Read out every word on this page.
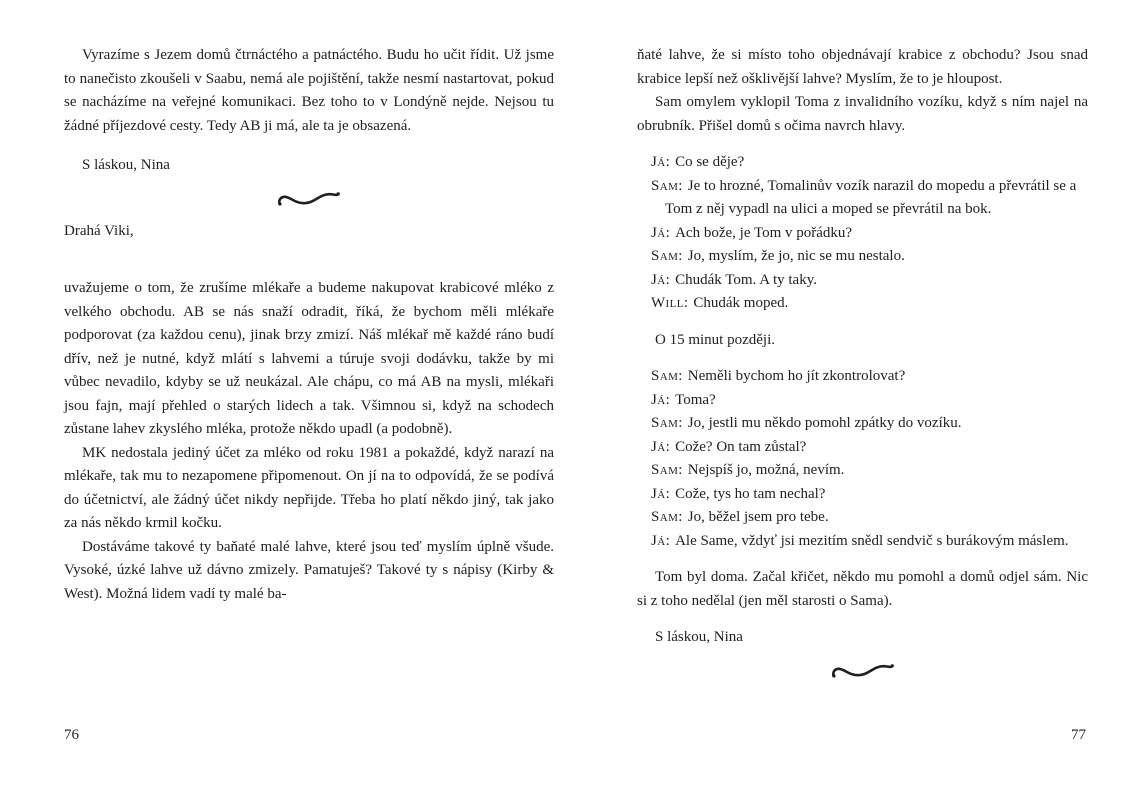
Vyrazíme s Jezem domů čtrnáctého a patnáctého. Budu ho učit řídit. Už jsme to nanečisto zkoušeli v Saabu, nemá ale pojištění, takže nesmí nastartovat, pokud se nacházíme na veřejné komunikaci. Bez toho to v Londýně nejde. Nejsou tu žádné příjezdové cesty. Tedy AB ji má, ale ta je obsazená.

S láskou, Nina

Drahá Viki,

uvažujeme o tom, že zrušíme mlékaře a budeme nakupovat krabicové mléko z velkého obchodu. AB se nás snaží odradit, říká, že bychom měli mlékaře podporovat (za každou cenu), jinak brzy zmizí. Náš mlékař mě každé ráno budí dřív, než je nutné, když mlátí s lahvemi a túruje svoji dodávku, takže by mi vůbec nevadilo, kdyby se už neukázal. Ale chápu, co má AB na mysli, mlékaři jsou fajn, mají přehled o starých lidech a tak. Všimnou si, když na schodech zůstane lahev zkyslého mléka, protože někdo upadl (a podobně).

MK nedostala jediný účet za mléko od roku 1981 a pokaždé, když narazí na mlékaře, tak mu to nezapomene připomenout. On jí na to odpovídá, že se podívá do účetnictví, ale žádný účet nikdy nepřijde. Třeba ho platí někdo jiný, tak jako za nás někdo krmil kočku.

Dostáváme takové ty baňaté malé lahve, které jsou teď myslím úplně všude. Vysoké, úzké lahve už dávno zmizely. Pamatuješ? Takové ty s nápisy (Kirby & West). Možná lidem vadí ty malé ba-

76

ňaté lahve, že si místo toho objednávají krabice z obchodu? Jsou snad krabice lepší než ošklivější lahve? Myslím, že to je hloupost.

Sam omylem vyklopil Toma z invalidního vozíku, když s ním najel na obrubník. Přišel domů s očima navrch hlavy.

Já: Co se děje?

Sam: Je to hrozné, Tomalinův vozík narazil do mopedu a převrátil se a Tom z něj vypadl na ulici a moped se převrátil na bok.

Já: Ach bože, je Tom v pořádku?

Sam: Jo, myslím, že jo, nic se mu nestalo.

Já: Chudák Tom. A ty taky.

Will: Chudák moped.

O 15 minut později.

Sam: Neměli bychom ho jít zkontrolovat?

Já: Toma?

Sam: Jo, jestli mu někdo pomohl zpátky do vozíku.

Já: Cože? On tam zůstal?

Sam: Nejspíš jo, možná, nevím.

Já: Cože, tys ho tam nechal?

Sam: Jo, běžel jsem pro tebe.

Já: Ale Same, vždyť jsi mezitím snědl sendvič s burákovým máslem.

Tom byl doma. Začal křičet, někdo mu pomohl a domů odjel sám. Nic si z toho nedělal (jen měl starosti o Sama).

S láskou, Nina

77
